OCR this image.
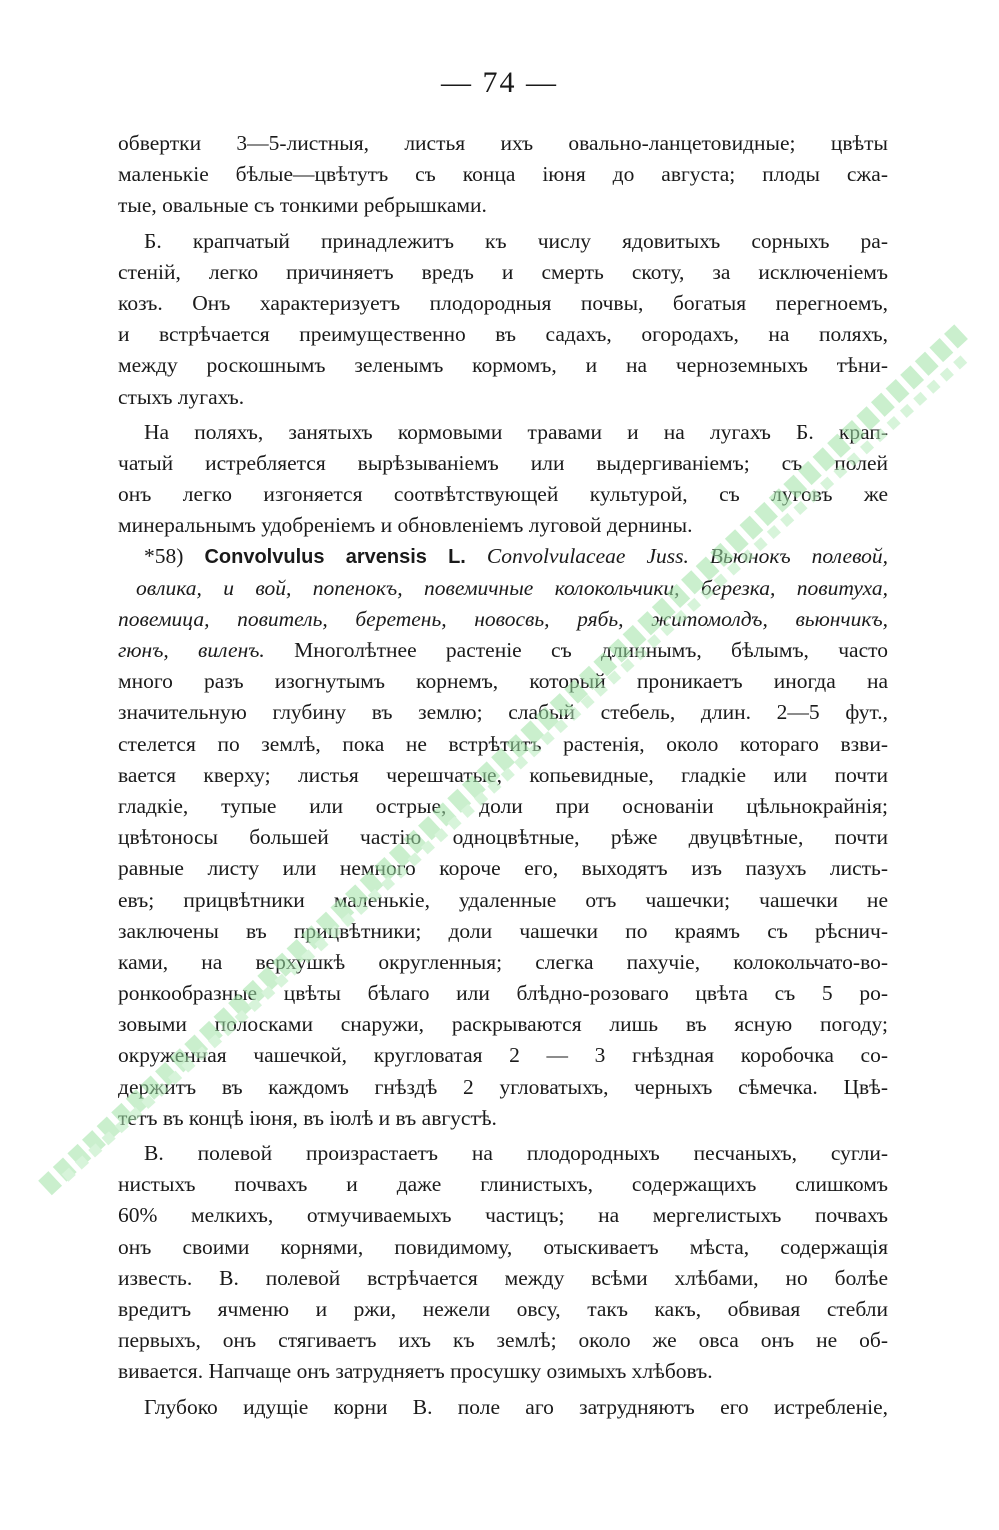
— 74 —
обвертки 3—5-листныя, листья ихъ овально-ланцетовидные; цвѣты
маленькіе бѣлые—цвѣтутъ съ конца іюня до августа; плоды сжа-
тые, овальные съ тонкими ребрышками.
Б. крапчатый принадлежитъ къ числу ядовитыхъ сорныхъ ра-
стеній, легко причиняетъ вредъ и смерть скоту, за исключеніемъ
козъ. Онъ характеризуетъ плодородныя почвы, богатыя перегноемъ,
и встрѣчается преимущественно въ садахъ, огородахъ, на поляхъ,
между роскошнымъ зеленымъ кормомъ, и на черноземныхъ тѣни-
стыхъ лугахъ.
На поляхъ, занятыхъ кормовыми травами и на лугахъ Б. крап-
чатый истребляется вырѣзываніемъ или выдергиваніемъ; съ полей
онъ легко изгоняется соотвѣтствующей культурой, съ луговъ же
минеральнымъ удобреніемъ и обновленіемъ луговой дернины.
*58) Convolvulus arvensis L. Convolvulaceae Juss. Вьюнокъ полевой,
овлика, и вой, попенокъ, повемичные колокольчики, березка, повитуха,
повемица, повитель, беретень, новосвь, рябь, житомолдъ, вьюнчикъ,
гюнъ, виленъ. Многолѣтнее растеніе съ длиннымъ, бѣлымъ, часто
много разъ изогнутымъ корнемъ, который проникаетъ иногда на
значительную глубину въ землю; слабый стебель, длин. 2—5 фут.,
стелется по землѣ, пока не встрѣтитъ растенія, около котораго взви-
вается кверху; листья черешчатые, копьевидные, гладкіе или почти
гладкіе, тупые или острые, доли при основаніи цѣльнокрайнія;
цвѣтоносы большей частію одноцвѣтные, рѣже двуцвѣтные, почти
равные листу или немного короче его, выходятъ изъ пазухъ листь-
евъ; прицвѣтники маленькіе, удаленные отъ чашечки; чашечки не
заключены въ прицвѣтники; доли чашечки по краямъ съ рѣснич-
ками, на верхушкѣ округленныя; слегка пахучіе, колокольчато-во-
ронкообразные цвѣты бѣлаго или блѣдно-розоваго цвѣта съ 5 ро-
зовыми полосками снаружи, раскрываются лишь въ ясную погоду;
окруженная чашечкой, кругловатая 2 — 3 гнѣздная коробочка со-
держитъ въ каждомъ гнѣздѣ 2 угловатыхъ, черныхъ сѣмечка. Цвѣ-
тетъ въ концѣ іюня, въ іюлѣ и въ августѣ.
В. полевой произрастаетъ на плодородныхъ песчаныхъ, сугли-
нистыхъ почвахъ и даже глинистыхъ, содержащихъ слишкомъ
60% мелкихъ, отмучиваемыхъ частицъ; на мергелистыхъ почвахъ
онъ своими корнями, повидимому, отыскиваетъ мѣста, содержащія
известь. В. полевой встрѣчается между всѣми хлѣбами, но болѣе
вредитъ ячменю и ржи, нежели овсу, такъ какъ, обвивая стебли
первыхъ, онъ стягиваетъ ихъ къ землѣ; около же овса онъ не об-
вивается. Напчаще онъ затрудняетъ просушку озимыхъ хлѣбовъ.
Глубоко идущіе корни В. поле аго затрудняютъ его истребленіе,
